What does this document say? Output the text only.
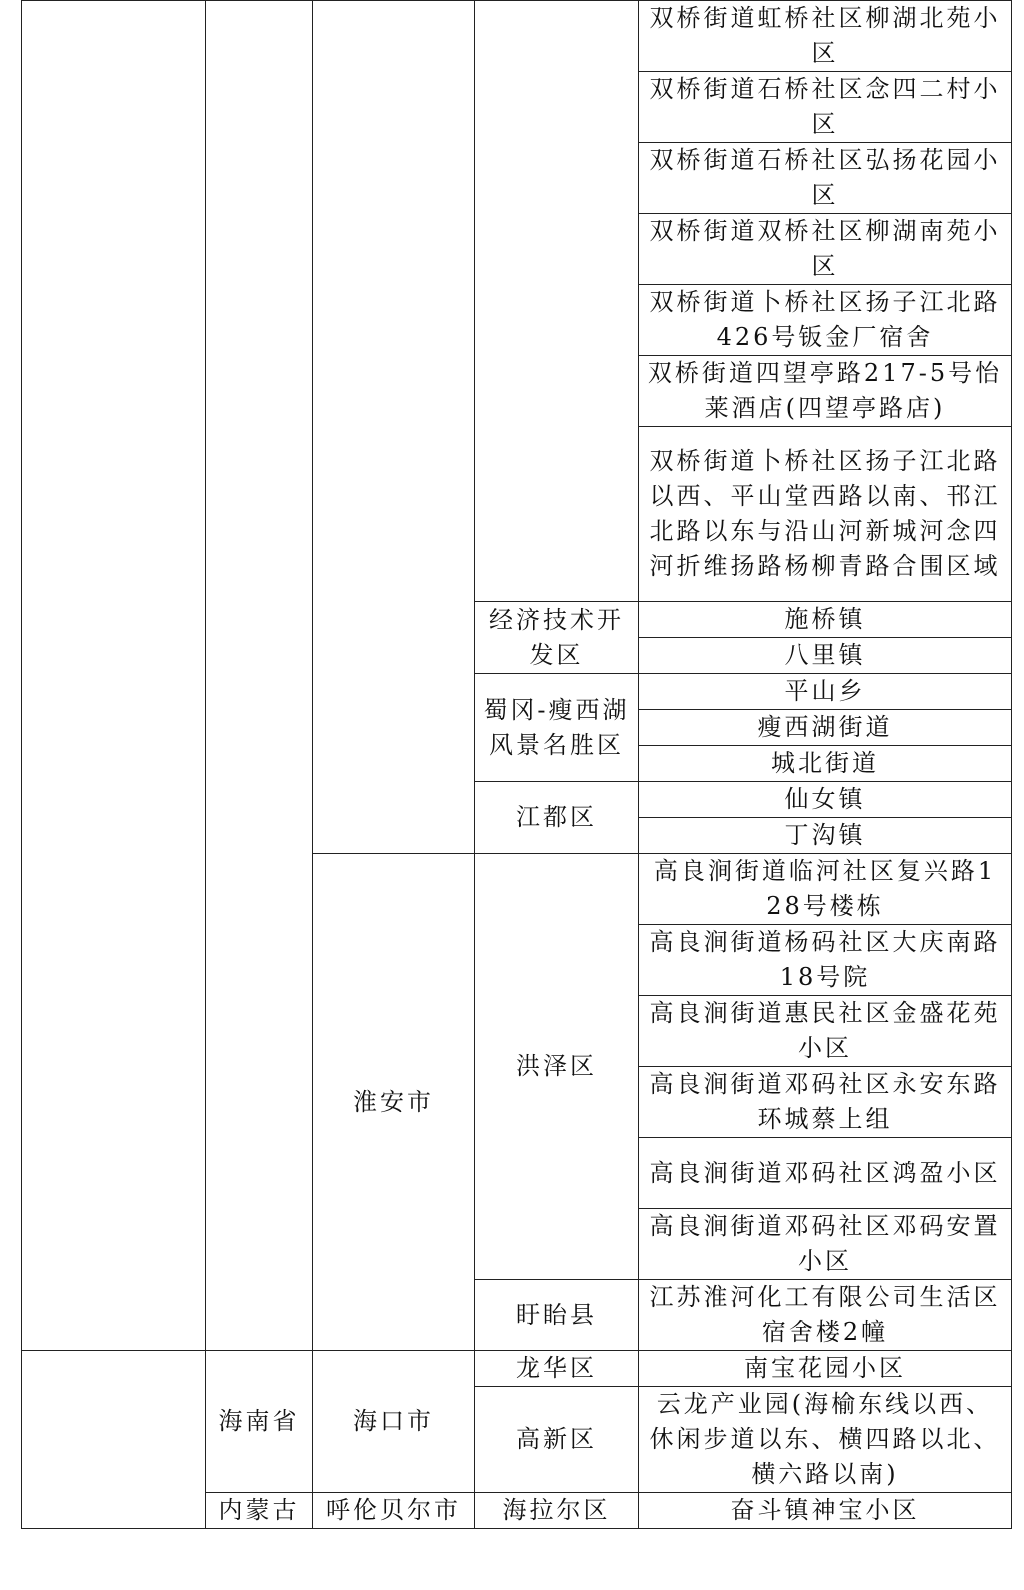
				双桥街道虹桥社区柳湖北苑小区
				双桥街道石桥社区念四二村小区
				双桥街道石桥社区弘扬花园小区
				双桥街道双桥社区柳湖南苑小区
				双桥街道卜桥社区扬子江北路426号钣金厂宿舍
				双桥街道四望亭路217-5号怡莱酒店(四望亭路店)
				双桥街道卜桥社区扬子江北路以西、平山堂西路以南、邗江北路以东与沿山河新城河念四河折维扬路杨柳青路合围区域
			经济技术开发区	施桥镇
				八里镇
			蜀冈-瘦西湖风景名胜区	平山乡
				瘦西湖街道
				城北街道
			江都区	仙女镇
				丁沟镇
		淮安市	洪泽区	高良涧街道临河社区复兴路128号楼栋
				高良涧街道杨码社区大庆南路18号院
				高良涧街道惠民社区金盛花苑小区
				高良涧街道邓码社区永安东路环城蔡上组
				高良涧街道邓码社区鸿盈小区
				高良涧街道邓码社区邓码安置小区
			盱眙县	江苏淮河化工有限公司生活区宿舍楼2幢
	海南省	海口市	龙华区	南宝花园小区
			高新区	云龙产业园(海榆东线以西、休闲步道以东、横四路以北、横六路以南)
	内蒙古	呼伦贝尔市	海拉尔区	奋斗镇神宝小区
